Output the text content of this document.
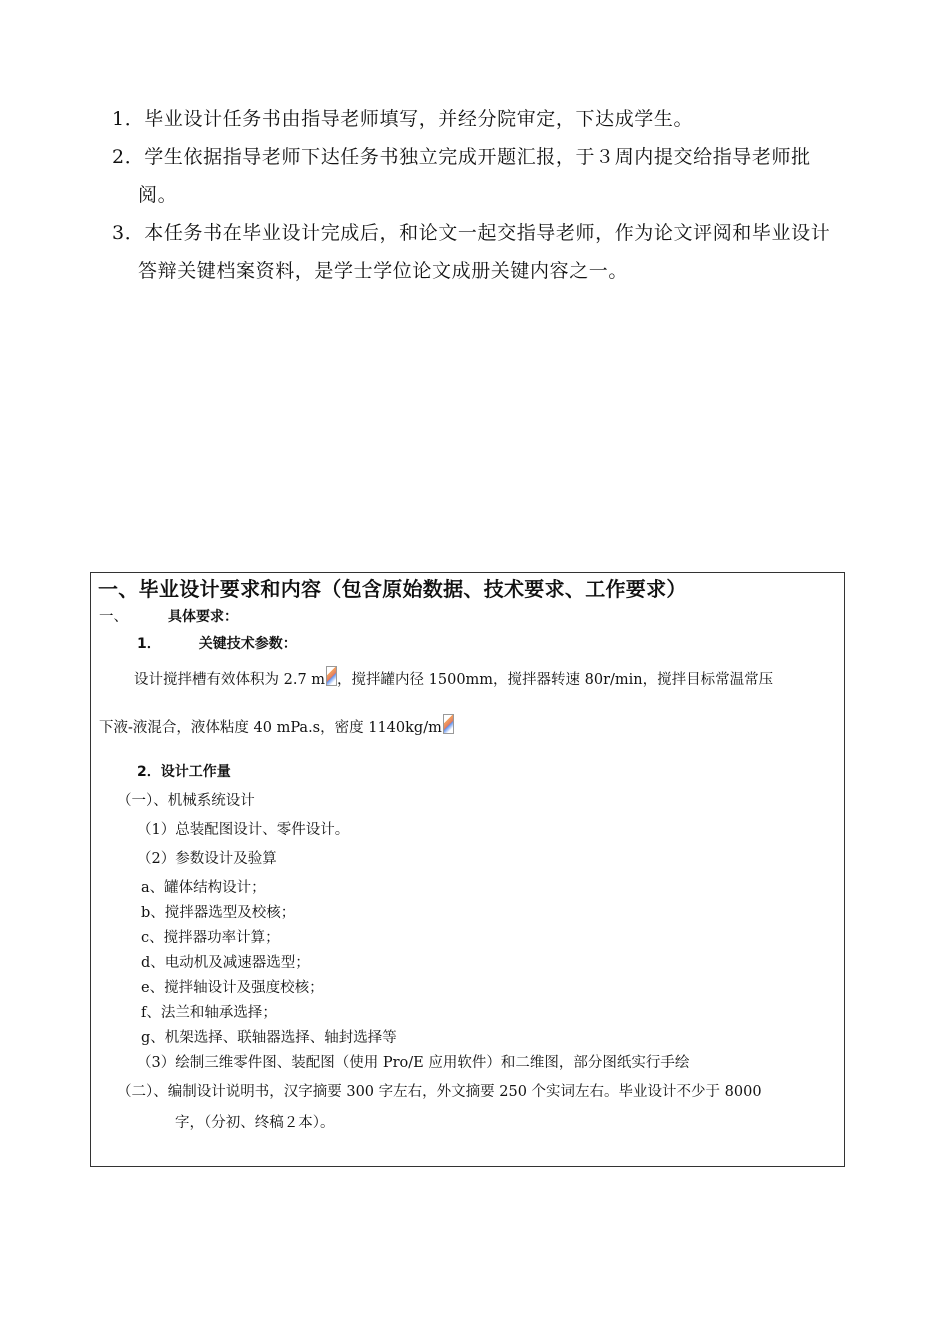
1．毕业设计任务书由指导老师填写，并经分院审定，下达成学生。

2．学生依据指导老师下达任务书独立完成开题汇报，于３周内提交给指导老师批阅。

3．本任务书在毕业设计完成后，和论文一起交指导老师，作为论文评阅和毕业设计答辩关键档案资料，是学士学位论文成册关键内容之一。

一、毕业设计要求和内容（包含原始数据、技术要求、工作要求）
一、	具体要求：
1．	关键技术参数：
设计搅拌槽有效体积为 2.7 m ，搅拌罐内径 1500mm，搅拌器转速 80r/min，搅拌目标常温常压
下液-液混合，液体粘度 40 mPa.s，密度 1140kg/m
2．设计工作量
（一）、机械系统设计
（1）总装配图设计、零件设计。
（2）参数设计及验算
a、罐体结构设计；
b、搅拌器选型及校核；
c、搅拌器功率计算；
d、电动机及减速器选型；
e、搅拌轴设计及强度校核；
f、法兰和轴承选择；
g、机架选择、联轴器选择、轴封选择等
（3）绘制三维零件图、装配图（使用 Pro/E 应用软件）和二维图，部分图纸实行手绘
（二）、编制设计说明书，汉字摘要 300 字左右，外文摘要 250 个实词左右。毕业设计不少于 8000
字，（分初、终稿２本）。
